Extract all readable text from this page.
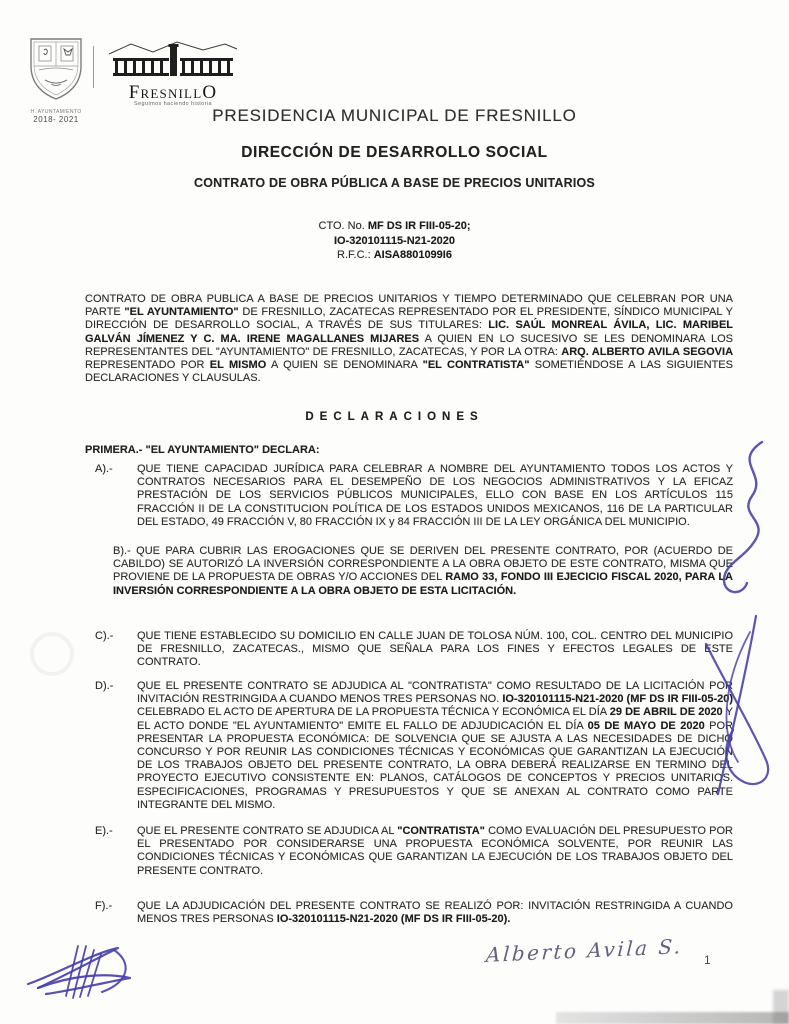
H. AYUNTAMIENTO
2018- 2021
FRESNILLO
Seguimos haciendo historia
PRESIDENCIA MUNICIPAL DE FRESNILLO
DIRECCIÓN DE DESARROLLO SOCIAL
CONTRATO DE OBRA PÚBLICA A BASE DE PRECIOS UNITARIOS
CTO. No. MF DS IR FIII-05-20;
IO-320101115-N21-2020
R.F.C.: AISA8801099I6
CONTRATO DE OBRA PUBLICA A BASE DE PRECIOS UNITARIOS Y TIEMPO DETERMINADO QUE CELEBRAN POR UNA PARTE "EL AYUNTAMIENTO" DE FRESNILLO, ZACATECAS REPRESENTADO POR EL PRESIDENTE, SÍNDICO MUNICIPAL Y DIRECCIÓN DE DESARROLLO SOCIAL, A TRAVÉS DE SUS TITULARES: LIC. SAÚL MONREAL ÁVILA, LIC. MARIBEL GALVÁN JÍMENEZ Y C. MA. IRENE MAGALLANES MIJARES A QUIEN EN LO SUCESIVO SE LES DENOMINARA LOS REPRESENTANTES DEL "AYUNTAMIENTO" DE FRESNILLO, ZACATECAS, Y POR LA OTRA: ARQ. ALBERTO AVILA SEGOVIA REPRESENTADO POR EL MISMO A QUIEN SE DENOMINARA "EL CONTRATISTA" SOMETIÉNDOSE A LAS SIGUIENTES DECLARACIONES Y CLAUSULAS.
DECLARACIONES
PRIMERA.- "EL AYUNTAMIENTO" DECLARA:
A).- QUE TIENE CAPACIDAD JURÍDICA PARA CELEBRAR A NOMBRE DEL AYUNTAMIENTO TODOS LOS ACTOS Y CONTRATOS NECESARIOS PARA EL DESEMPEÑO DE LOS NEGOCIOS ADMINISTRATIVOS Y LA EFICAZ PRESTACIÓN DE LOS SERVICIOS PÚBLICOS MUNICIPALES, ELLO CON BASE EN LOS ARTÍCULOS 115 FRACCIÓN II DE LA CONSTITUCION POLÍTICA DE LOS ESTADOS UNIDOS MEXICANOS, 116 DE LA PARTICULAR DEL ESTADO, 49 FRACCIÓN V, 80 FRACCIÓN IX y 84 FRACCIÓN III DE LA LEY ORGÁNICA DEL MUNICIPIO.
B).- QUE PARA CUBRIR LAS EROGACIONES QUE SE DERIVEN DEL PRESENTE CONTRATO, POR (ACUERDO DE CABILDO) SE AUTORIZÓ LA INVERSIÓN CORRESPONDIENTE A LA OBRA OBJETO DE ESTE CONTRATO, MISMA QUE PROVIENE DE LA PROPUESTA DE OBRAS Y/O ACCIONES DEL RAMO 33, FONDO III EJECICIO FISCAL 2020, PARA LA INVERSIÓN CORRESPONDIENTE A LA OBRA OBJETO DE ESTA LICITACIÓN.
C).- QUE TIENE ESTABLECIDO SU DOMICILIO EN CALLE JUAN DE TOLOSA NÚM. 100, COL. CENTRO DEL MUNICIPIO DE FRESNILLO, ZACATECAS., MISMO QUE SEÑALA PARA LOS FINES Y EFECTOS LEGALES DE ESTE CONTRATO.
D).- QUE EL PRESENTE CONTRATO SE ADJUDICA AL "CONTRATISTA" COMO RESULTADO DE LA LICITACIÓN POR INVITACIÓN RESTRINGIDA A CUANDO MENOS TRES PERSONAS NO. IO-320101115-N21-2020 (MF DS IR FIII-05-20) CELEBRADO EL ACTO DE APERTURA DE LA PROPUESTA TÉCNICA Y ECONÓMICA EL DÍA 29 DE ABRIL DE 2020 Y EL ACTO DONDE "EL AYUNTAMIENTO" EMITE EL FALLO DE ADJUDICACIÓN EL DÍA 05 DE MAYO DE 2020 POR PRESENTAR LA PROPUESTA ECONÓMICA: DE SOLVENCIA QUE SE AJUSTA A LAS NECESIDADES DE DICHO CONCURSO Y POR REUNIR LAS CONDICIONES TÉCNICAS Y ECONÓMICAS QUE GARANTIZAN LA EJECUCIÓN DE LOS TRABAJOS OBJETO DEL PRESENTE CONTRATO, LA OBRA DEBERÁ REALIZARSE EN TERMINO DEL PROYECTO EJECUTIVO CONSISTENTE EN: PLANOS, CATÁLOGOS DE CONCEPTOS Y PRECIOS UNITARIOS. ESPECIFICACIONES, PROGRAMAS Y PRESUPUESTOS Y QUE SE ANEXAN AL CONTRATO COMO PARTE INTEGRANTE DEL MISMO.
E).- QUE EL PRESENTE CONTRATO SE ADJUDICA AL "CONTRATISTA" COMO EVALUACIÓN DEL PRESUPUESTO POR EL PRESENTADO POR CONSIDERARSE UNA PROPUESTA ECONÓMICA SOLVENTE, POR REUNIR LAS CONDICIONES TÉCNICAS Y ECONÓMICAS QUE GARANTIZAN LA EJECUCIÓN DE LOS TRABAJOS OBJETO DEL PRESENTE CONTRATO.
F).- QUE LA ADJUDICACIÓN DEL PRESENTE CONTRATO SE REALIZÓ POR: INVITACIÓN RESTRINGIDA A CUANDO MENOS TRES PERSONAS IO-320101115-N21-2020 (MF DS IR FIII-05-20).
Alberto Avila S.	1
